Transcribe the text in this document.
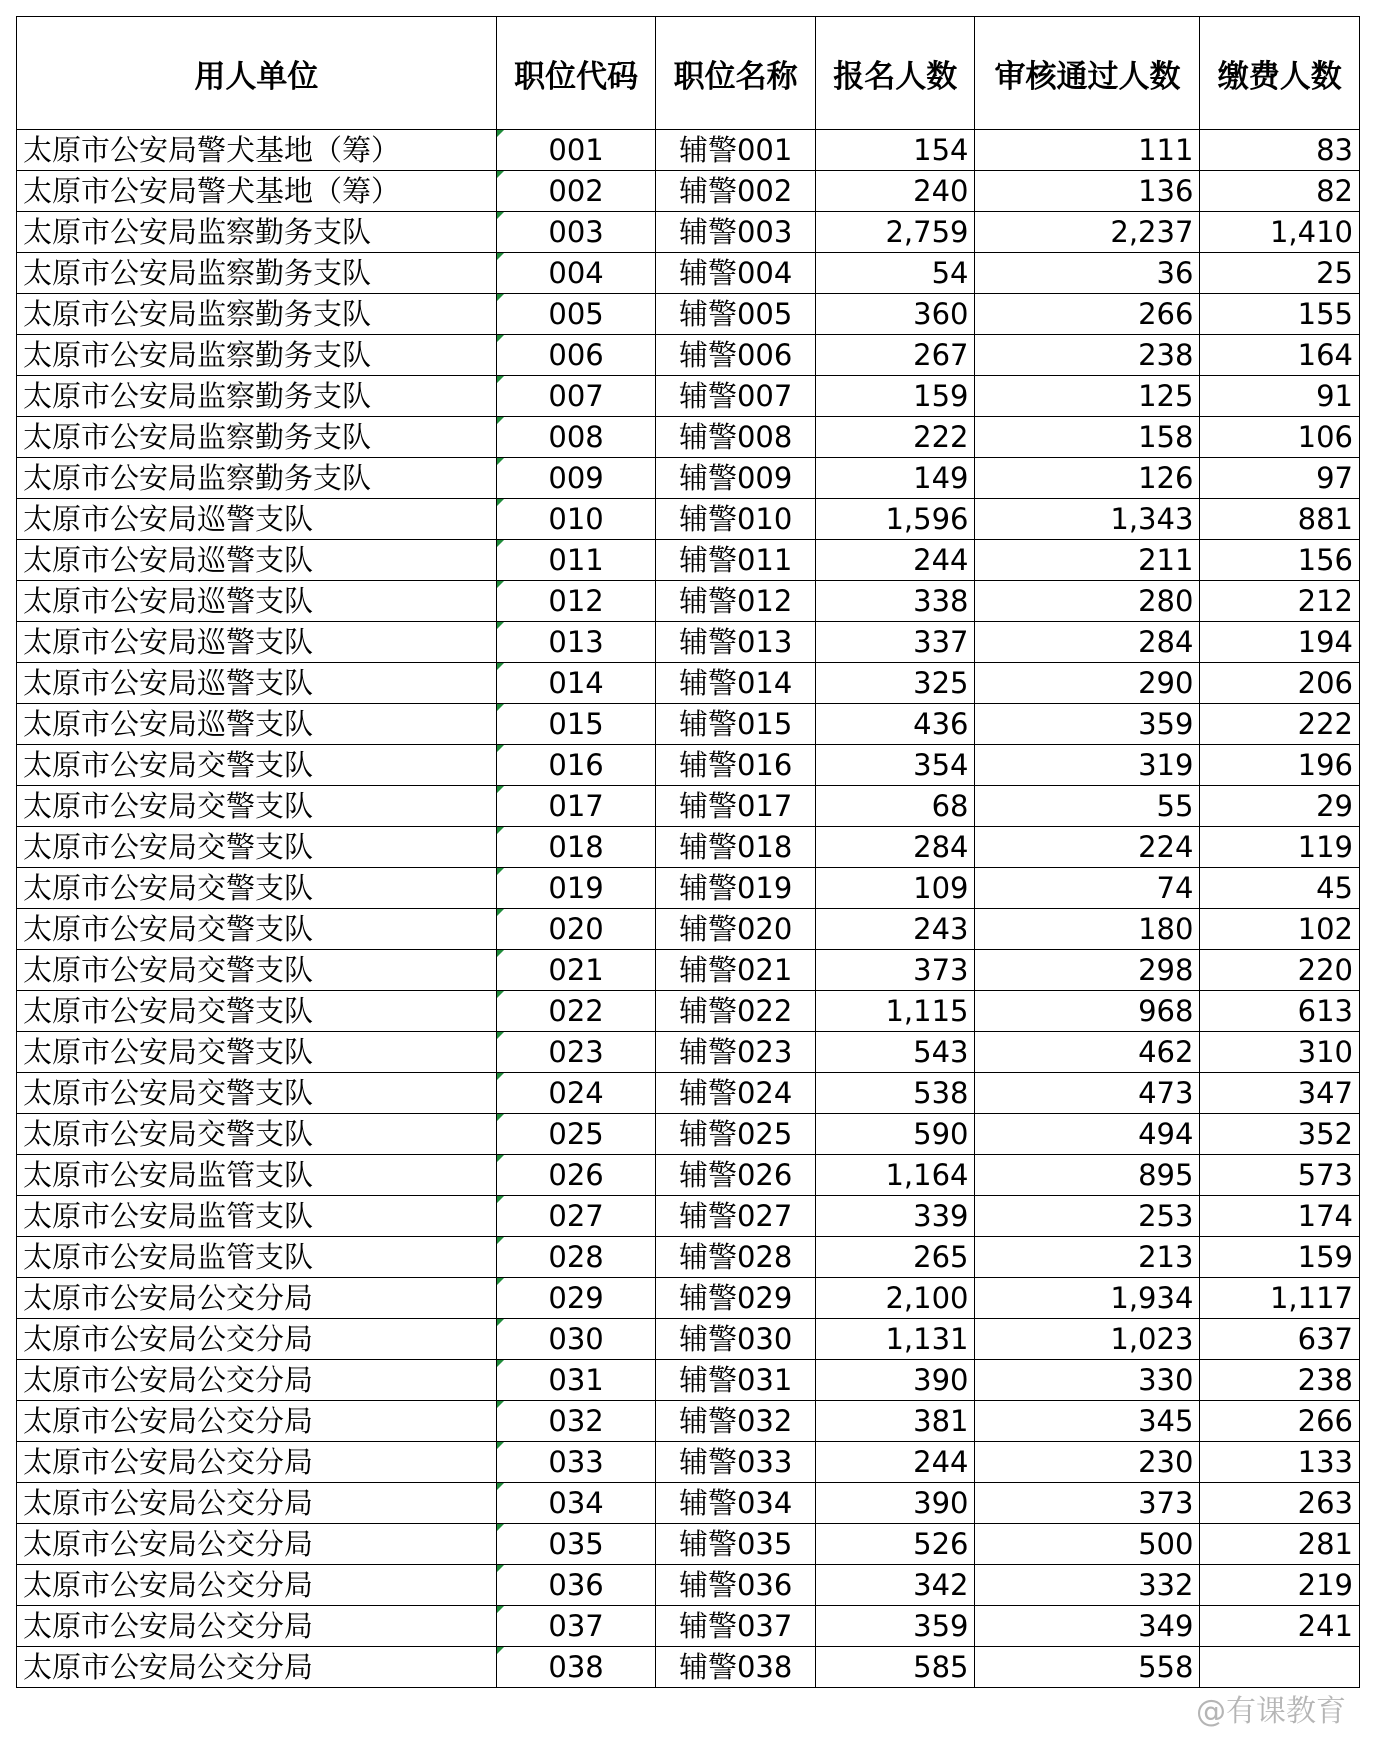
用人单位	职位代码	职位名称	报名人数	审核通过人数	缴费人数
太原市公安局警犬基地（筹）	001	辅警001	154	111	83
太原市公安局警犬基地（筹）	002	辅警002	240	136	82
太原市公安局监察勤务支队	003	辅警003	2,759	2,237	1,410
太原市公安局监察勤务支队	004	辅警004	54	36	25
太原市公安局监察勤务支队	005	辅警005	360	266	155
太原市公安局监察勤务支队	006	辅警006	267	238	164
太原市公安局监察勤务支队	007	辅警007	159	125	91
太原市公安局监察勤务支队	008	辅警008	222	158	106
太原市公安局监察勤务支队	009	辅警009	149	126	97
太原市公安局巡警支队	010	辅警010	1,596	1,343	881
太原市公安局巡警支队	011	辅警011	244	211	156
太原市公安局巡警支队	012	辅警012	338	280	212
太原市公安局巡警支队	013	辅警013	337	284	194
太原市公安局巡警支队	014	辅警014	325	290	206
太原市公安局巡警支队	015	辅警015	436	359	222
太原市公安局交警支队	016	辅警016	354	319	196
太原市公安局交警支队	017	辅警017	68	55	29
太原市公安局交警支队	018	辅警018	284	224	119
太原市公安局交警支队	019	辅警019	109	74	45
太原市公安局交警支队	020	辅警020	243	180	102
太原市公安局交警支队	021	辅警021	373	298	220
太原市公安局交警支队	022	辅警022	1,115	968	613
太原市公安局交警支队	023	辅警023	543	462	310
太原市公安局交警支队	024	辅警024	538	473	347
太原市公安局交警支队	025	辅警025	590	494	352
太原市公安局监管支队	026	辅警026	1,164	895	573
太原市公安局监管支队	027	辅警027	339	253	174
太原市公安局监管支队	028	辅警028	265	213	159
太原市公安局公交分局	029	辅警029	2,100	1,934	1,117
太原市公安局公交分局	030	辅警030	1,131	1,023	637
太原市公安局公交分局	031	辅警031	390	330	238
太原市公安局公交分局	032	辅警032	381	345	266
太原市公安局公交分局	033	辅警033	244	230	133
太原市公安局公交分局	034	辅警034	390	373	263
太原市公安局公交分局	035	辅警035	526	500	281
太原市公安局公交分局	036	辅警036	342	332	219
太原市公安局公交分局	037	辅警037	359	349	241
太原市公安局公交分局	038	辅警038	585	558	
@有课教育
